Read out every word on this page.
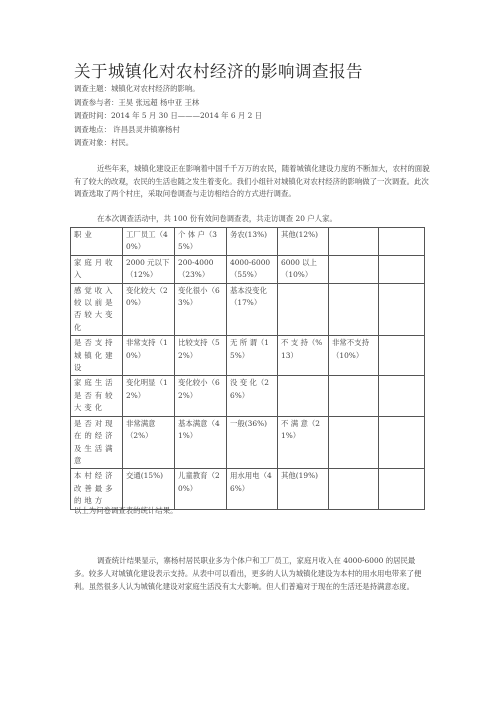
关于城镇化对农村经济的影响调查报告
调查主题：城镇化对农村经济的影响。
调查参与者：王昊 张远超 杨中亚 王林
调查时间：2014 年 5 月 30 日———2014 年 6 月 2 日
调查地点： 许昌县灵井镇寨杨村
调查对象：村民。

近些年来，城镇化建设正在影响着中国千千万万的农民，随着城镇化建设力度的不断加大，农村的面貌有了较大的改观，农民的生活也随之发生着变化。我们小组针对城镇化对农村经济的影响做了一次调查。此次调查选取了两个村庄，采取问卷调查与走访相结合的方式进行调查。

在本次调查活动中，共 100 份有效问卷调查表，共走访调查 20 户人家。
职业	工厂员工（40%）	个 体 户（35%）	务农(13%)	其他(12%)		
家庭月收入	2000 元以下（12%）	200-4000（23%）	4000-6000（55%）	6000 以上（10%）		
感觉收入较以前是否较大变化	变化较大（20%）	变化很小（63%）	基本没变化（17%）			
是否支持城镇化建设	非常支持（10%）	比较支持（52%）	无 所 谓（15%）	不 支 持（%13）	非常不支持（10%）	
家庭生活是否有较大变化	变化明显（12%）	变化较小（62%）	没 变 化（26%）			
是否对现在的经济及生活满意	非常满意（2%）	基本满意（41%）	一般(36%)	不 满 意（21%）		
本村经济改善最多的地方	交通(15%)	儿童教育（20%）	用水用电（46%）	其他(19%)		
以上为问卷调查表的统计结果。

调查统计结果显示，寨杨村居民职业多为个体户和工厂员工，家庭月收入在 4000-6000 的居民最多。较多人对城镇化建设表示支持。从表中可以看出，更多的人认为城镇化建设为本村的用水用电带来了便利。虽然很多人认为城镇化建设对家庭生活没有太大影响。但人们普遍对于现在的生活还是持满意态度。
